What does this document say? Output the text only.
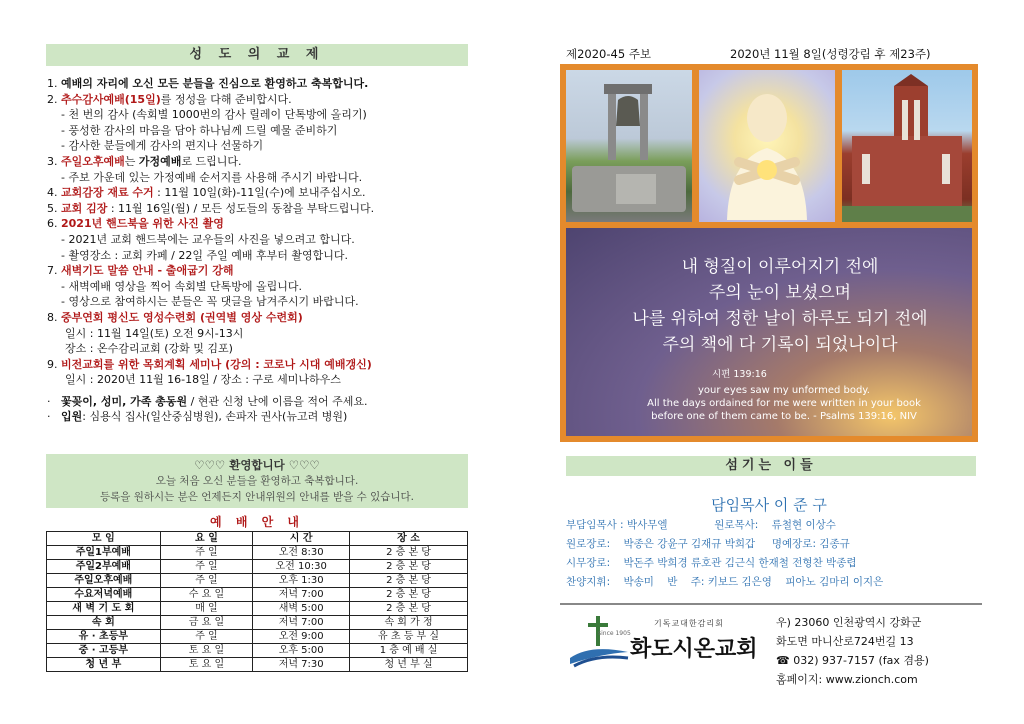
성 도 의 교 제
1. 예배의 자리에 오신 모든 분들을 진심으로 환영하고 축복합니다.
2. 추수감사예배(15일)를 정성을 다해 준비합시다.
- 천 번의 감사 (속회별 1000번의 감사 릴레이 단톡방에 올리기)
- 풍성한 감사의 마음을 담아 하나님께 드릴 예물 준비하기
- 감사한 분들에게 감사의 편지나 선물하기
3. 주일오후예배는 가정예배로 드립니다.
- 주보 가운데 있는 가정예배 순서지를 사용해 주시기 바랍니다.
4. 교회감장 재료 수거 : 11월 10일(화)-11일(수)에 보내주십시오.
5. 교회 김장 : 11월 16일(월) / 모든 성도들의 동참을 부탁드립니다.
6. 2021년 핸드북을 위한 사진 촬영
- 2021년 교회 핸드북에는 교우들의 사진을 넣으려고 합니다.
- 촬영장소 : 교회 카페 / 22일 주일 예배 후부터 촬영합니다.
7. 새벽기도 말씀 안내 - 출애굽기 강해
- 새벽예배 영상을 찍어 속회별 단톡방에 올립니다.
- 영상으로 참여하시는 분들은 꼭 댓글을 남겨주시기 바랍니다.
8. 중부연회 평신도 영성수련회 (권역별 영상 수련회)
일시 : 11월 14일(토) 오전 9시-13시
장소 : 온수감리교회 (강화 및 김포)
9. 비전교회를 위한 목회계획 세미나 (강의 : 코로나 시대 예배갱신)
일시 : 2020년 11월 16-18일 / 장소 : 구로 세미나하우스

· 꽃꽂이, 성미, 가족 총동원 / 현관 신청 난에 이름을 적어 주세요.
· 입원: 심용식 집사(일산중심병원), 손파자 권사(뉴고려 병원)
♡♡♡ 환영합니다 ♡♡♡
오늘 처음 오신 분들을 환영하고 축복합니다.
등록을 원하시는 분은 언제든지 안내위원의 안내를 받을 수 있습니다.
예 배 안 내
모 임	요 일	시 간	장 소
주일1부예배	주 일	오전 8:30	2 층 본 당
주일2부예배	주 일	오전 10:30	2 층 본 당
주일오후예배	주 일	오후 1:30	2 층 본 당
수요저녁예배	수 요 일	저녁 7:00	2 층 본 당
새 벽 기 도 회	매 일	새벽 5:00	2 층 본 당
속 회	금 요 일	저녁 7:00	속 회 가 정
유 · 초등부	주 일	오전 9:00	유 초 등 부 실
중 · 고등부	토 요 일	오후 5:00	1 층 예 배 실
청 년 부	토 요 일	저녁 7:30	청 년 부 실
제2020-45 주보	2020년 11월 8일(성령강림 후 제23주)
내 형질이 이루어지기 전에
주의 눈이 보셨으며
나를 위하여 정한 날이 하루도 되기 전에
주의 책에 다 기록이 되었나이다
시편 139:16
your eyes saw my unformed body.
All the days ordained for me were written in your book
before one of them came to be. - Psalms 139:16, NIV
섬기는 이들
담임목사 이 준 구
부담임목사 : 박사무엘              원로목사:    류철현 이상수
원로장로:    박종은 강윤구 김재규 박희갑     명예장로: 김종규
시무장로:    박돈주 박희경 류호관 김근식 한재철 전형찬 박종렵
찬양지휘:    박송미    반    주: 키보드 김은영    피아노 김마리 이지은
since 1905
기독교대한감리회
화도시온교회
우) 23060 인천광역시 강화군
화도면 마니산로724번길 13
☎ 032) 937-7157 (fax 겸용)
홈페이지: www.zionch.com
